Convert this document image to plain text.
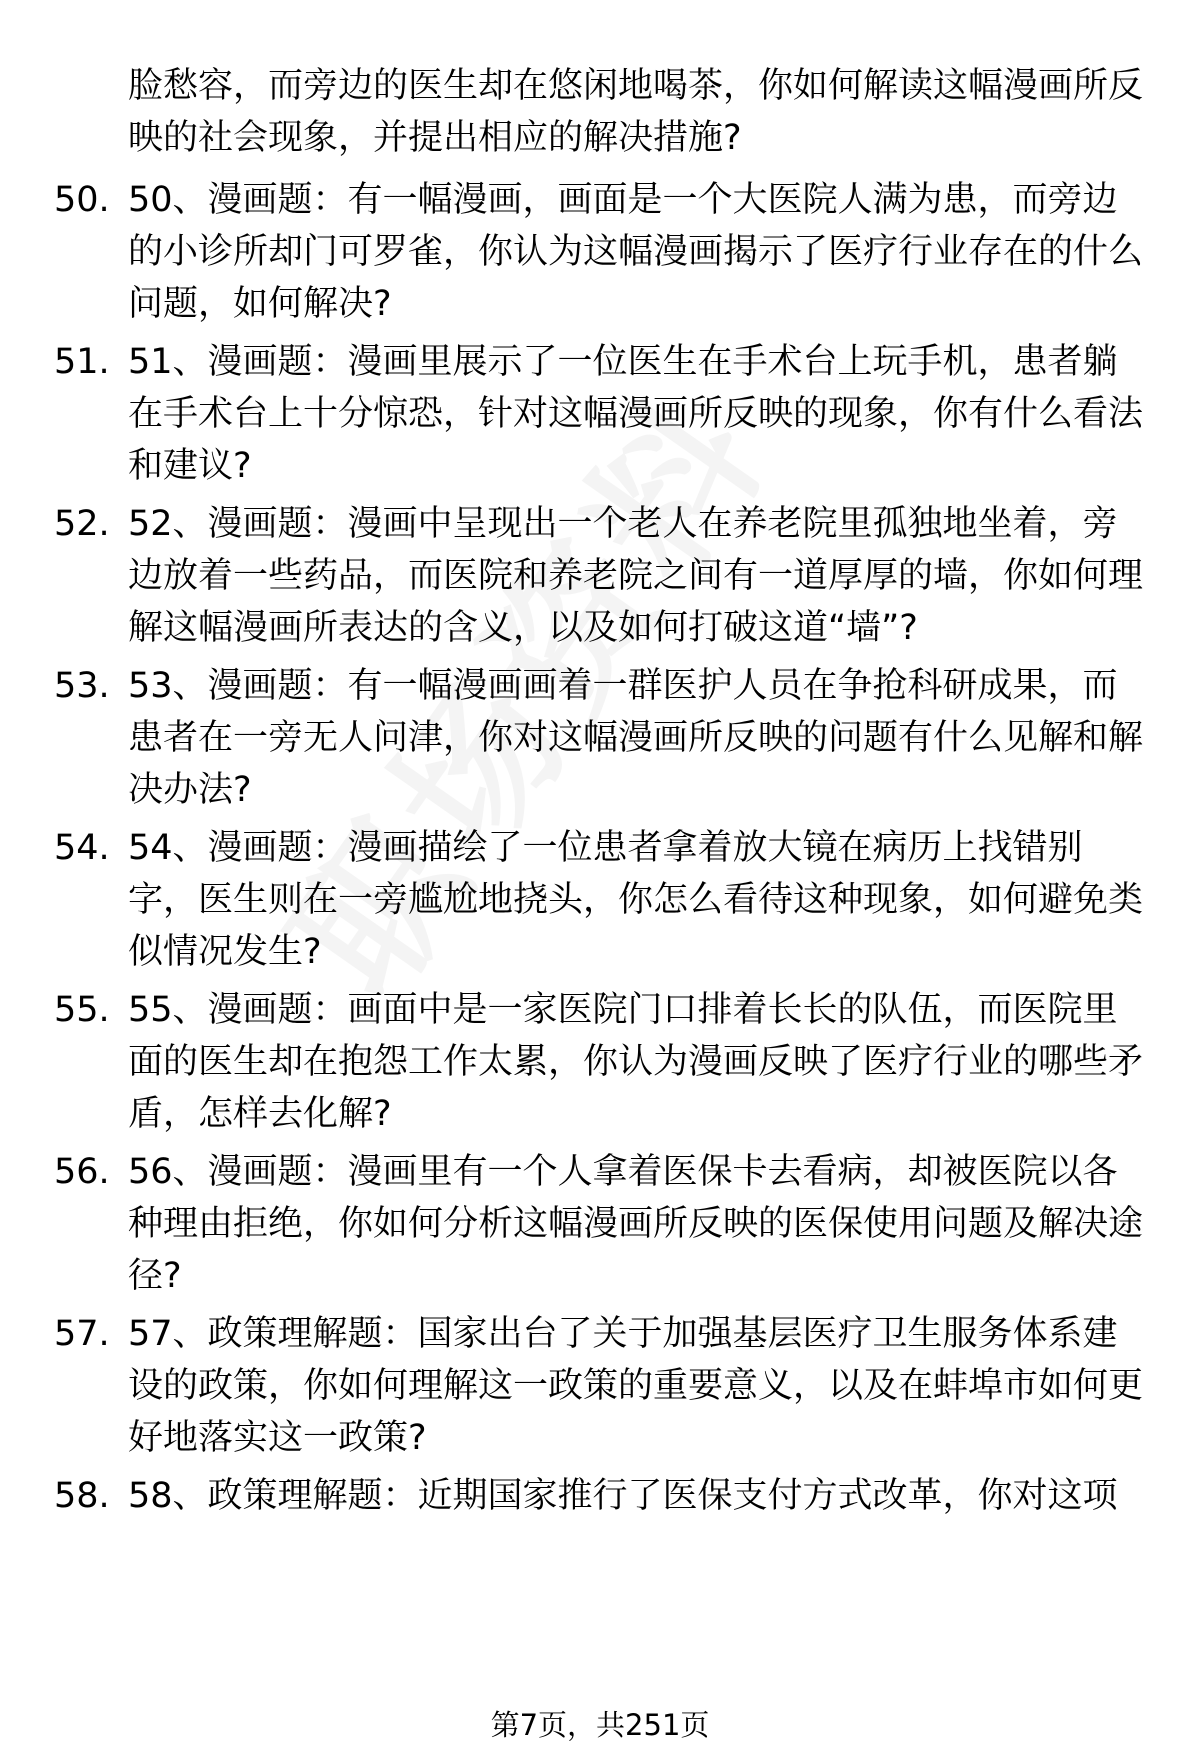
脸愁容，而旁边的医生却在悠闲地喝茶，你如何解读这幅漫画所反映的社会现象，并提出相应的解决措施?
50. 50、漫画题：有一幅漫画，画面是一个大医院人满为患，而旁边的小诊所却门可罗雀，你认为这幅漫画揭示了医疗行业存在的什么问题，如何解决?
51. 51、漫画题：漫画里展示了一位医生在手术台上玩手机，患者躺在手术台上十分惊恐，针对这幅漫画所反映的现象，你有什么看法和建议?
52. 52、漫画题：漫画中呈现出一个老人在养老院里孤独地坐着，旁边放着一些药品，而医院和养老院之间有一道厚厚的墙，你如何理解这幅漫画所表达的含义，以及如何打破这道“墙”?
53. 53、漫画题：有一幅漫画画着一群医护人员在争抢科研成果，而患者在一旁无人问津，你对这幅漫画所反映的问题有什么见解和解决办法?
54. 54、漫画题：漫画描绘了一位患者拿着放大镜在病历上找错别字，医生则在一旁尴尬地挠头，你怎么看待这种现象，如何避免类似情况发生?
55. 55、漫画题：画面中是一家医院门口排着长长的队伍，而医院里面的医生却在抱怨工作太累，你认为漫画反映了医疗行业的哪些矛盾，怎样去化解?
56. 56、漫画题：漫画里有一个人拿着医保卡去看病，却被医院以各种理由拒绝，你如何分析这幅漫画所反映的医保使用问题及解决途径?
57. 57、政策理解题：国家出台了关于加强基层医疗卫生服务体系建设的政策，你如何理解这一政策的重要意义，以及在蚌埠市如何更好地落实这一政策?
58. 58、政策理解题：近期国家推行了医保支付方式改革，你对这项
第7页，共251页
